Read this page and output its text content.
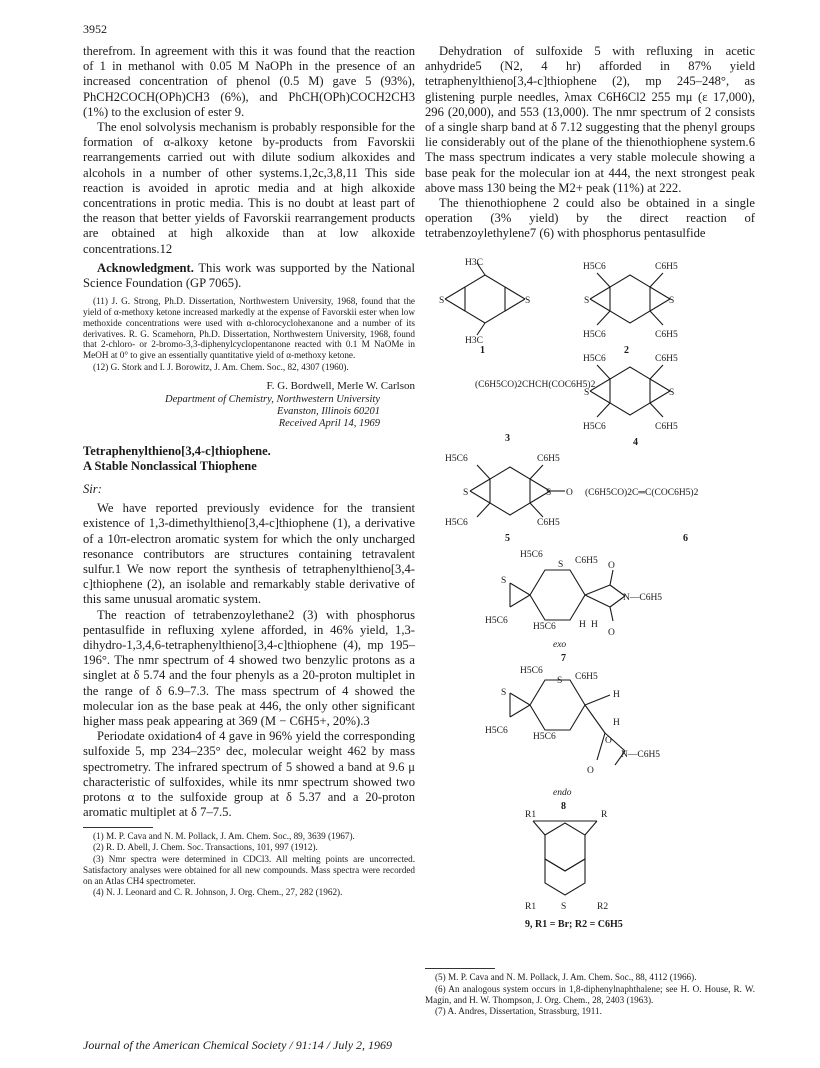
3952

therefrom. In agreement with this it was found that the reaction of 1 in methanol with 0.05 M NaOPh in the presence of an increased concentration of phenol (0.5 M) gave 5 (93%), PhCH2COCH(OPh)CH3 (6%), and PhCH(OPh)COCH2CH3 (1%) to the exclusion of ester 9.

The enol solvolysis mechanism is probably responsible for the formation of α-alkoxy ketone by-products from Favorskii rearrangements carried out with dilute sodium alkoxides and alcohols in a number of other systems.1,2c,3,8,11 This side reaction is avoided in aprotic media and at high alkoxide concentrations in protic media. This is no doubt at least part of the reason that better yields of Favorskii rearrangement products are obtained at high alkoxide than at low alkoxide concentrations.12

Acknowledgment. This work was supported by the National Science Foundation (GP 7065).

(11) J. G. Strong, Ph.D. Dissertation, Northwestern University, 1968, found that the yield of α-methoxy ketone increased markedly at the expense of Favorskii ester when low methoxide concentrations were used with α-chlorocyclohexanone and a number of its derivatives. R. G. Scamehorn, Ph.D. Dissertation, Northwestern University, 1968, found that 2-chloro- or 2-bromo-3,3-diphenylcyclopentanone reacted with 0.1 M NaOMe in MeOH at 0° to give an essentially quantitative yield of α-methoxy ketone.

(12) G. Stork and I. J. Borowitz, J. Am. Chem. Soc., 82, 4307 (1960).

F. G. Bordwell, Merle W. Carlson
Department of Chemistry, Northwestern University
Evanston, Illinois 60201
Received April 14, 1969
Tetraphenylthieno[3,4-c]thiophene.
A Stable Nonclassical Thiophene
Sir:

We have reported previously evidence for the transient existence of 1,3-dimethylthieno[3,4-c]thiophene (1), a derivative of a 10π-electron aromatic system for which the only uncharged resonance contributors are structures containing tetravalent sulfur.1 We now report the synthesis of tetraphenylthieno[3,4-c]thiophene (2), an isolable and remarkably stable derivative of this same unusual aromatic system.

The reaction of tetrabenzoylethane2 (3) with phosphorus pentasulfide in refluxing xylene afforded, in 46% yield, 1,3-dihydro-1,3,4,6-tetraphenylthieno[3,4-c]thiophene (4), mp 195–196°. The nmr spectrum of 4 showed two benzylic protons as a singlet at δ 5.74 and the four phenyls as a 20-proton multiplet in the range of δ 6.9–7.3. The mass spectrum of 4 showed the molecular ion as the base peak at 446, the only other significant higher mass peak appearing at 369 (M − C6H5+, 20%).3

Periodate oxidation4 of 4 gave in 96% yield the corresponding sulfoxide 5, mp 234–235° dec, molecular weight 462 by mass spectrometry. The infrared spectrum of 5 showed a band at 9.6 μ characteristic of sulfoxides, while its nmr spectrum showed two protons α to the sulfoxide group at δ 5.37 and a 20-proton aromatic multiplet at δ 7–7.5.

(1) M. P. Cava and N. M. Pollack, J. Am. Chem. Soc., 89, 3639 (1967).

(2) R. D. Abell, J. Chem. Soc. Transactions, 101, 997 (1912).

(3) Nmr spectra were determined in CDCl3. All melting points are uncorrected. Satisfactory analyses were obtained for all new compounds. Mass spectra were recorded on an Atlas CH4 spectrometer.

(4) N. J. Leonard and C. R. Johnson, J. Org. Chem., 27, 282 (1962).

Dehydration of sulfoxide 5 with refluxing in acetic anhydride5 (N2, 4 hr) afforded in 87% yield tetraphenylthieno[3,4-c]thiophene (2), mp 245–248°, as glistening purple needles, λmax C6H6Cl2 255 mμ (ε 17,000), 296 (20,000), and 553 (13,000). The nmr spectrum of 2 consists of a single sharp band at δ 7.12 suggesting that the phenyl groups lie considerably out of the plane of the thienothiophene system.6 The mass spectrum indicates a very stable molecule showing a base peak for the molecular ion at 444, the next strongest peak above mass 130 being the M2+ peak (11%) at 222.

The thienothiophene 2 could also be obtained in a single operation (3% yield) by the direct reaction of tetrabenzoylethylene7 (6) with phosphorus pentasulfide

H3C
H3C
S	S
1
H5C6	C6H5
H5C6	C6H5
S	S
2
(C6H5CO)2CHCH(COC6H5)2
3
H5C6	C6H5
H5C6	C6H5
S	S
4
H5C6	C6H5
H5C6	C6H5
S	S O (C6H5CO)2C═C(COC6H5)2
5	6
H5C6
C6H5
S
S
H5C6
H5C6
N—C6H5
O
O
H H
exo
7
H5C6
C6H5
S
S
H5C6
H5C6
H
H
N—C6H5
O
O
endo
8
R1	R
S
R1	R2
9, R1 = Br; R2 = C6H5

(5) M. P. Cava and N. M. Pollack, J. Am. Chem. Soc., 88, 4112 (1966).

(6) An analogous system occurs in 1,8-diphenylnaphthalene; see H. O. House, R. W. Magin, and H. W. Thompson, J. Org. Chem., 28, 2403 (1963).

(7) A. Andres, Dissertation, Strassburg, 1911.

Journal of the American Chemical Society / 91:14 / July 2, 1969
